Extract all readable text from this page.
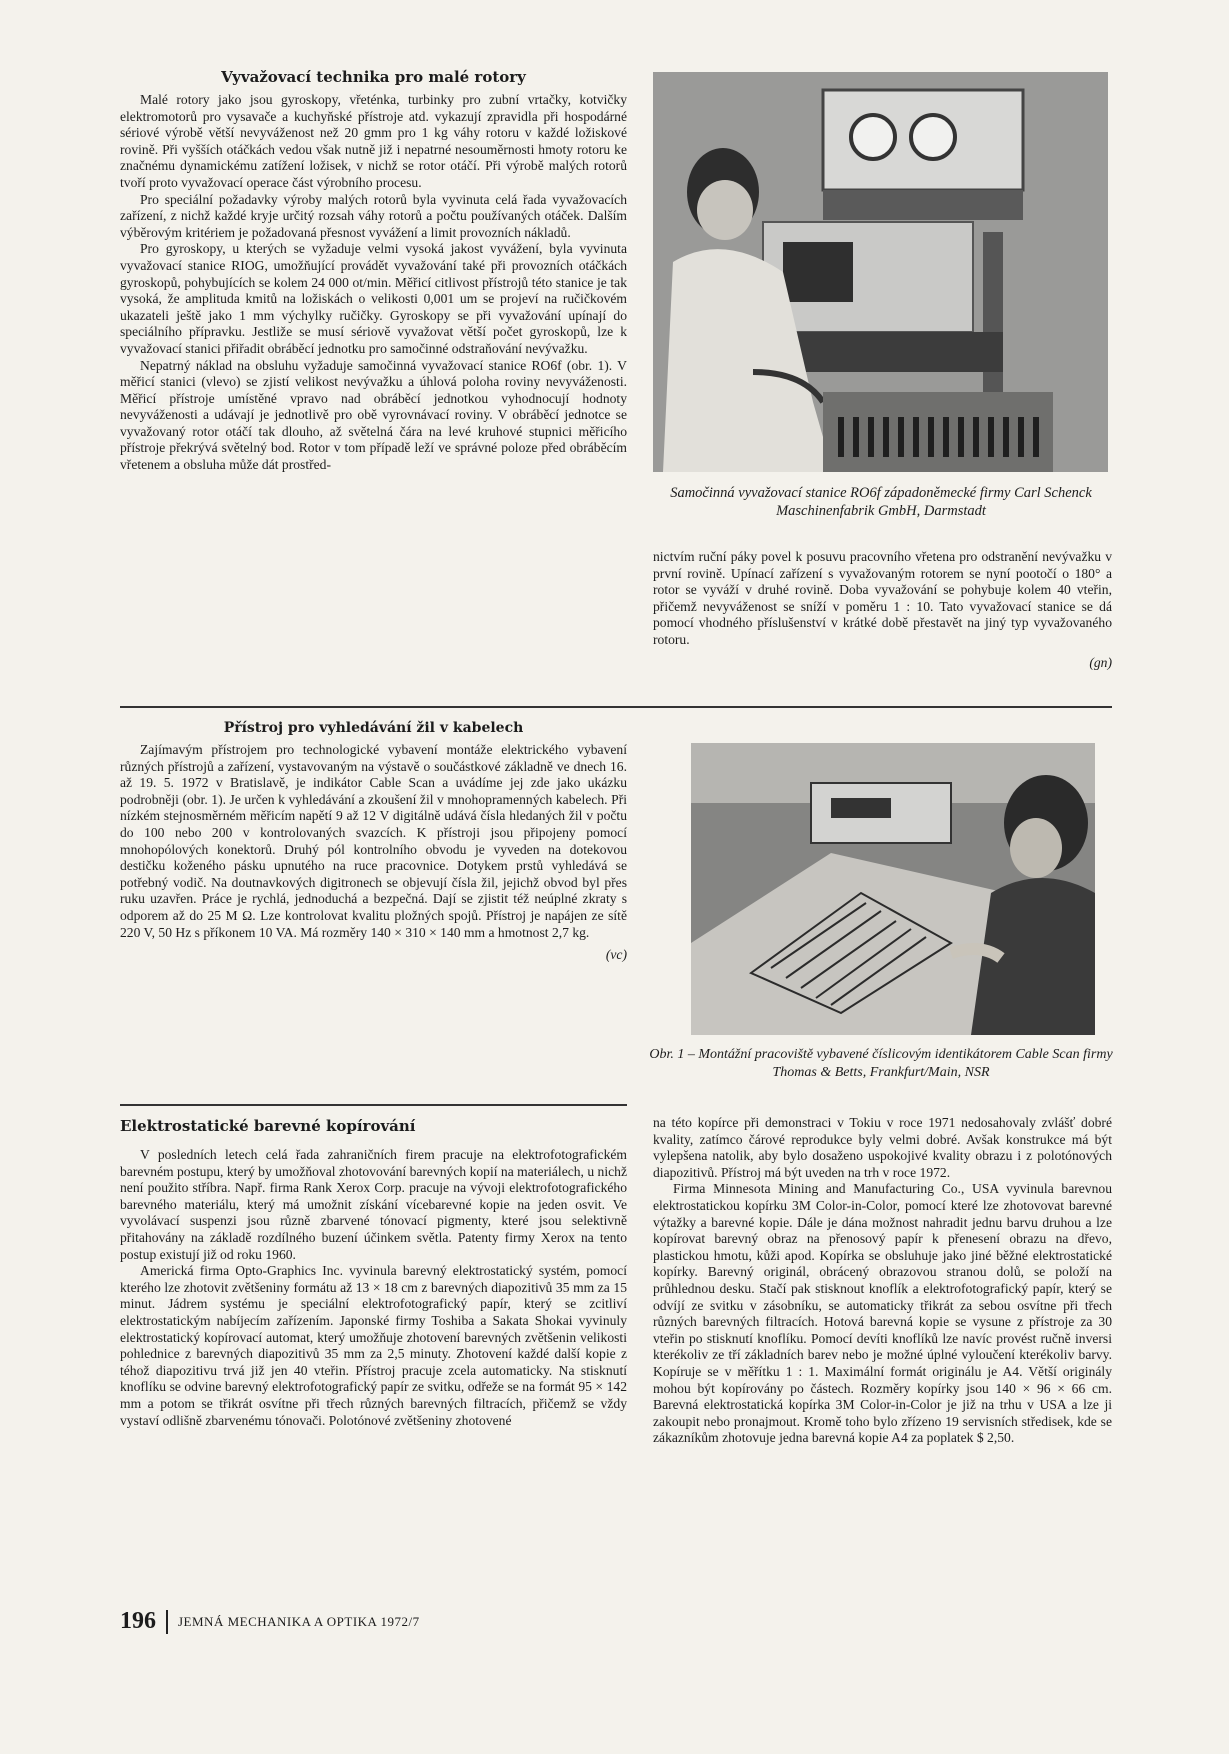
Vyvažovací technika pro malé rotory

Malé rotory jako jsou gyroskopy, vřeténka, turbinky pro zubní vrtačky, kotvičky elektromotorů pro vysavače a kuchyňské přístroje atd. vykazují zpravidla při hospodárné sériové výrobě větší nevyváženost než 20 gmm pro 1 kg váhy rotoru v každé ložiskové rovině. Při vyšších otáčkách vedou však nutně již i nepatrné nesouměrnosti hmoty rotoru ke značnému dynamickému zatížení ložisek, v nichž se rotor otáčí. Při výrobě malých rotorů tvoří proto vyvažovací operace část výrobního procesu.

Pro speciální požadavky výroby malých rotorů byla vyvinuta celá řada vyvažovacích zařízení, z nichž každé kryje určitý rozsah váhy rotorů a počtu používaných otáček. Dalším výběrovým kritériem je požadovaná přesnost vyvážení a limit provozních nákladů.

Pro gyroskopy, u kterých se vyžaduje velmi vysoká jakost vyvážení, byla vyvinuta vyvažovací stanice RIOG, umožňující provádět vyvažování také při provozních otáčkách gyroskopů, pohybujících se kolem 24 000 ot/min. Měřicí citlivost přístrojů této stanice je tak vysoká, že amplituda kmitů na ložiskách o velikosti 0,001 um se projeví na ručičkovém ukazateli ještě jako 1 mm výchylky ručičky. Gyroskopy se při vyvažování upínají do speciálního přípravku. Jestliže se musí sériově vyvažovat větší počet gyroskopů, lze k vyvažovací stanici přiřadit obráběcí jednotku pro samočinné odstraňování nevývažku.

Nepatrný náklad na obsluhu vyžaduje samočinná vyvažovací stanice RO6f (obr. 1). V měřicí stanici (vlevo) se zjistí velikost nevývažku a úhlová poloha roviny nevyváženosti. Měřicí přístroje umístěné vpravo nad obráběcí jednotkou vyhodnocují hodnoty nevyváženosti a udávají je jednotlivě pro obě vyrovnávací roviny. V obráběcí jednotce se vyvažovaný rotor otáčí tak dlouho, až světelná čára na levé kruhové stupnici měřicího přístroje překrývá světelný bod. Rotor v tom případě leží ve správné poloze před obráběcím vřetenem a obsluha může dát prostřed-

Samočinná vyvažovací stanice RO6f západoněmecké firmy Carl Schenck Maschinenfabrik GmbH, Darmstadt

nictvím ruční páky povel k posuvu pracovního vřetena pro odstranění nevývažku v první rovině. Upínací zařízení s vyvažovaným rotorem se nyní pootočí o 180° a rotor se vyváží v druhé rovině. Doba vyvažování se pohybuje kolem 40 vteřin, přičemž nevyváženost se sníží v poměru 1 : 10. Tato vyvažovací stanice se dá pomocí vhodného příslušenství v krátké době přestavět na jiný typ vyvažovaného rotoru.

(gn)
Přístroj pro vyhledávání žil v kabelech

Zajímavým přístrojem pro technologické vybavení montáže elektrického vybavení různých přístrojů a zařízení, vystavovaným na výstavě o součástkové základně ve dnech 16. až 19. 5. 1972 v Bratislavě, je indikátor Cable Scan a uvádíme jej zde jako ukázku podrobněji (obr. 1). Je určen k vyhledávání a zkoušení žil v mnohopramenných kabelech. Při nízkém stejnosměrném měřicím napětí 9 až 12 V digitálně udává čísla hledaných žil v počtu do 100 nebo 200 v kontrolovaných svazcích. K přístroji jsou připojeny pomocí mnohopólových konektorů. Druhý pól kontrolního obvodu je vyveden na dotekovou destičku koženého pásku upnutého na ruce pracovnice. Dotykem prstů vyhledává se potřebný vodič. Na doutnavkových digitronech se objevují čísla žil, jejichž obvod byl přes ruku uzavřen. Práce je rychlá, jednoduchá a bezpečná. Dají se zjistit též neúplné zkraty s odporem až do 25 M Ω. Lze kontrolovat kvalitu pložných spojů. Přístroj je napájen ze sítě 220 V, 50 Hz s příkonem 10 VA. Má rozměry 140 × 310 × 140 mm a hmotnost 2,7 kg.

(vc)

Obr. 1 – Montážní pracoviště vybavené číslicovým identikátorem Cable Scan firmy Thomas & Betts, Frankfurt/Main, NSR

Elektrostatické barevné kopírování

V posledních letech celá řada zahraničních firem pracuje na elektrofotografickém barevném postupu, který by umožňoval zhotovování barevných kopií na materiálech, u nichž není použito stříbra. Např. firma Rank Xerox Corp. pracuje na vývoji elektrofotografického barevného materiálu, který má umožnit získání vícebarevné kopie na jeden osvit. Ve vyvolávací suspenzi jsou různě zbarvené tónovací pigmenty, které jsou selektivně přitahovány na základě rozdílného buzení účinkem světla. Patenty firmy Xerox na tento postup existují již od roku 1960.

Americká firma Opto-Graphics Inc. vyvinula barevný elektrostatický systém, pomocí kterého lze zhotovit zvětšeniny formátu až 13 × 18 cm z barevných diapozitivů 35 mm za 15 minut. Jádrem systému je speciální elektrofotografický papír, který se zcitliví elektrostatickým nabíjecím zařízením. Japonské firmy Toshiba a Sakata Shokai vyvinuly elektrostatický kopírovací automat, který umožňuje zhotovení barevných zvětšenin velikosti pohlednice z barevných diapozitivů 35 mm za 2,5 minuty. Zhotovení každé další kopie z téhož diapozitivu trvá již jen 40 vteřin. Přístroj pracuje zcela automaticky. Na stisknutí knoflíku se odvine barevný elektrofotografický papír ze svitku, odřeže se na formát 95 × 142 mm a potom se třikrát osvítne při třech různých barevných filtracích, přičemž se vždy vystaví odlišně zbarvenému tónovači. Polotónové zvětšeniny zhotovené

na této kopírce při demonstraci v Tokiu v roce 1971 nedosahovaly zvlášť dobré kvality, zatímco čárové reprodukce byly velmi dobré. Avšak konstrukce má být vylepšena natolik, aby bylo dosaženo uspokojivé kvality obrazu i z polotónových diapozitivů. Přístroj má být uveden na trh v roce 1972.

Firma Minnesota Mining and Manufacturing Co., USA vyvinula barevnou elektrostatickou kopírku 3M Color-in-Color, pomocí které lze zhotovovat barevné výtažky a barevné kopie. Dále je dána možnost nahradit jednu barvu druhou a lze kopírovat barevný obraz na přenosový papír k přenesení obrazu na dřevo, plastickou hmotu, kůži apod. Kopírka se obsluhuje jako jiné běžné elektrostatické kopírky. Barevný originál, obrácený obrazovou stranou dolů, se položí na průhlednou desku. Stačí pak stisknout knoflík a elektrofotografický papír, který se odvíjí ze svitku v zásobníku, se automaticky třikrát za sebou osvítne při třech různých barevných filtracích. Hotová barevná kopie se vysune z přístroje za 30 vteřin po stisknutí knoflíku. Pomocí devíti knoflíků lze navíc provést ručně inversi kterékoliv ze tří základních barev nebo je možné úplné vyloučení kterékoliv barvy. Kopíruje se v měřítku 1 : 1. Maximální formát originálu je A4. Větší originály mohou být kopírovány po částech. Rozměry kopírky jsou 140 × 96 × 66 cm. Barevná elektrostatická kopírka 3M Color-in-Color je již na trhu v USA a lze ji zakoupit nebo pronajmout. Kromě toho bylo zřízeno 19 servisních středisek, kde se zákazníkům zhotovuje jedna barevná kopie A4 za poplatek $ 2,50.

196 JEMNÁ MECHANIKA A OPTIKA 1972/7
